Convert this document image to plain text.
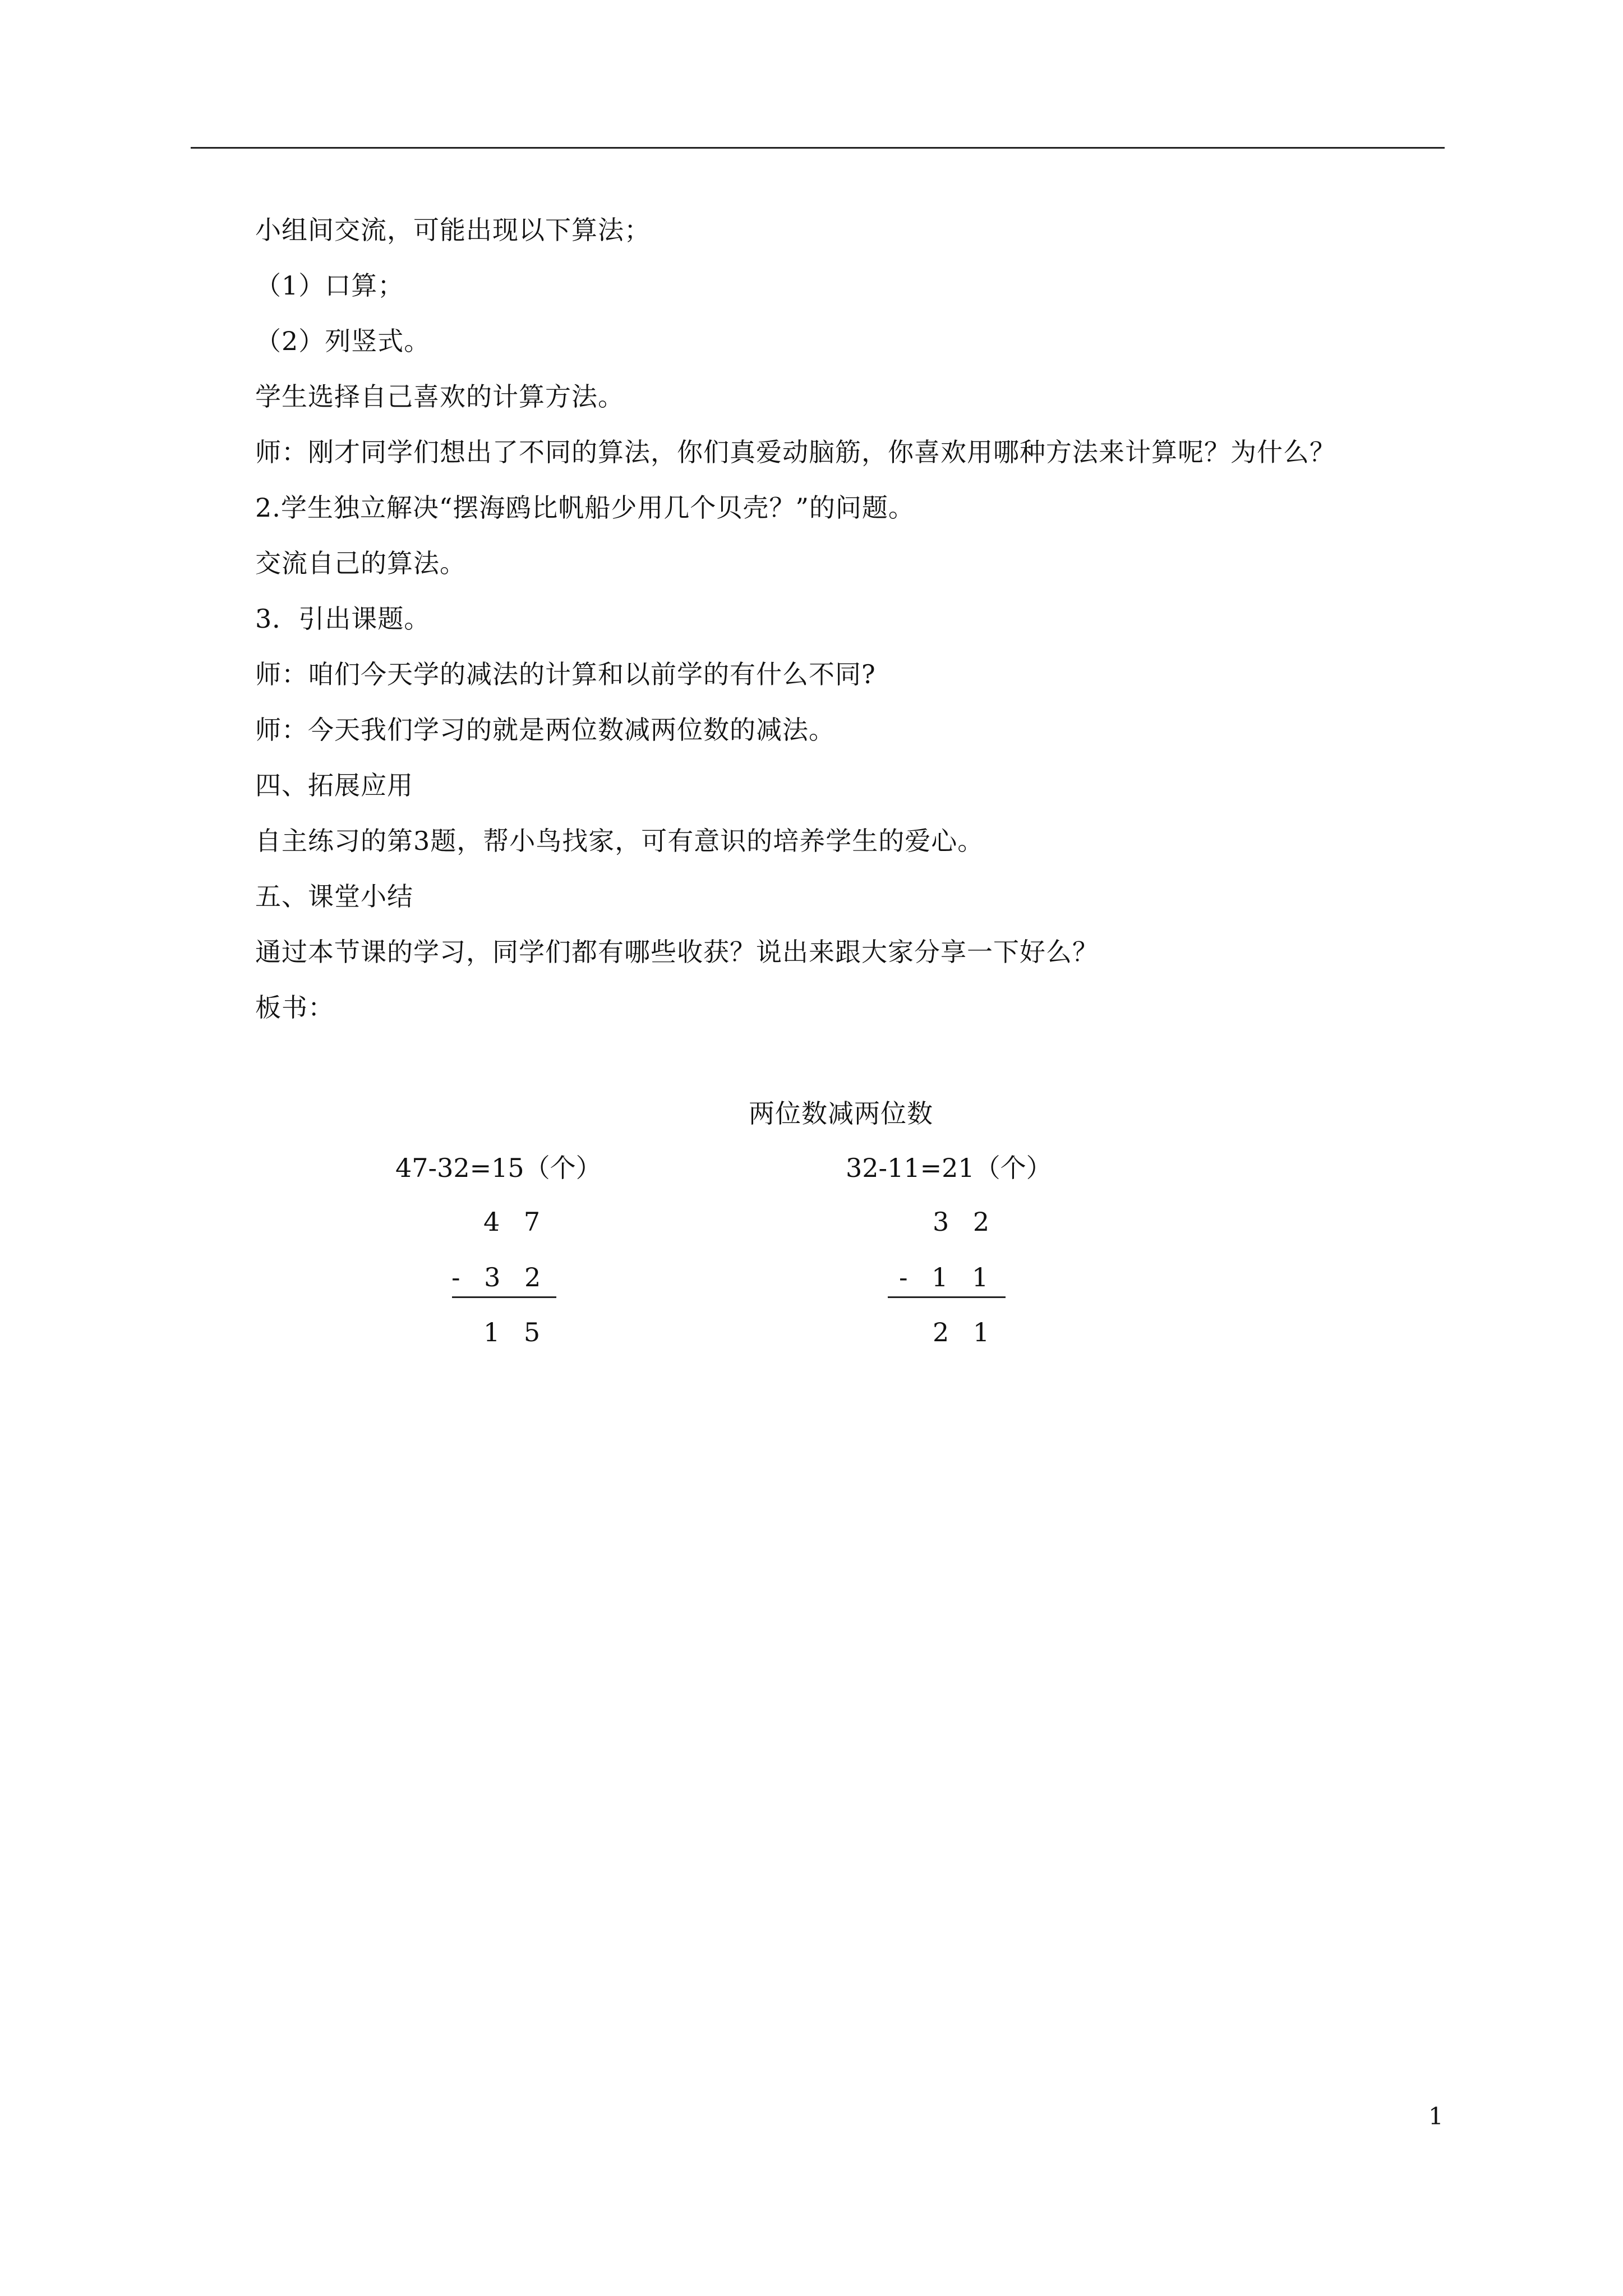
小组间交流，可能出现以下算法；
（1）口算；
（2）列竖式。
学生选择自己喜欢的计算方法。
师：刚才同学们想出了不同的算法，你们真爱动脑筋，你喜欢用哪种方法来计算呢？为什么？
2.学生独立解决“摆海鸥比帆船少用几个贝壳？”的问题。
交流自己的算法。
3．引出课题。
师：咱们今天学的减法的计算和以前学的有什么不同?
师：今天我们学习的就是两位数减两位数的减法。
四、拓展应用
自主练习的第3题，帮小鸟找家，可有意识的培养学生的爱心。
五、课堂小结
通过本节课的学习，同学们都有哪些收获？说出来跟大家分享一下好么？
板书：
两位数减两位数
47-32=15（个）
4 7
- 3 2
1 5
32-11=21（个）
3 2
- 1 1
2 1
1
